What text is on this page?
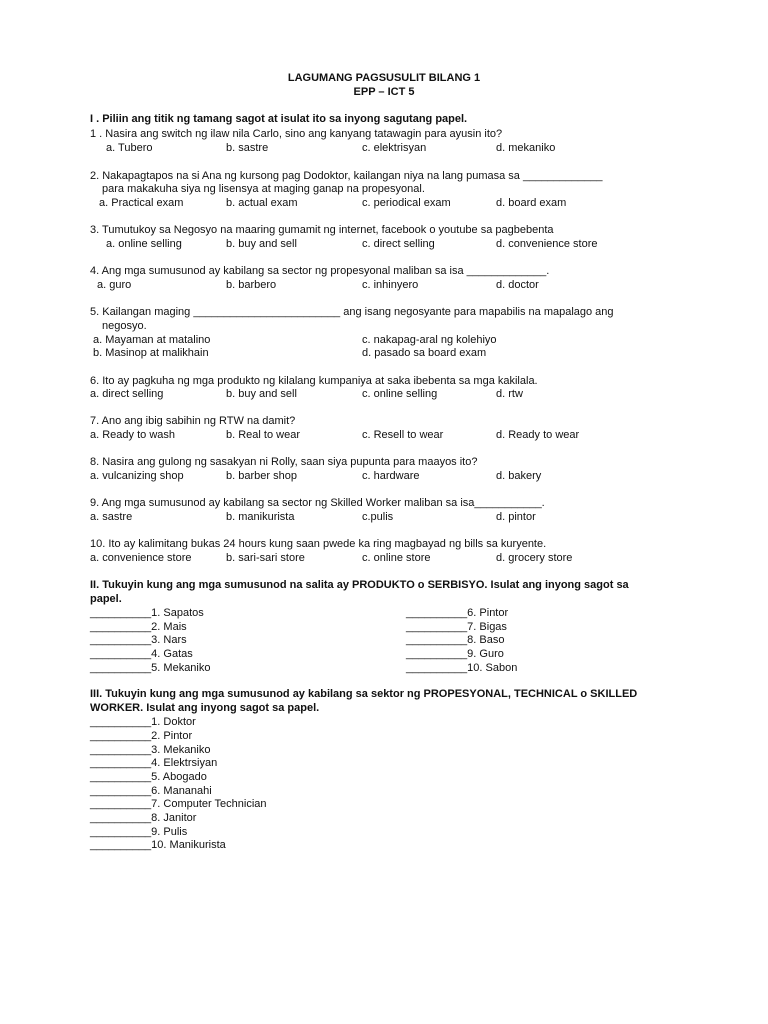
LAGUMANG PAGSUSULIT BILANG 1
EPP – ICT 5
I . Piliin ang titik ng tamang sagot at isulat ito sa inyong sagutang papel.
1 . Nasira ang switch ng ilaw nila Carlo, sino ang kanyang tatawagin para ayusin ito?
a. Tubero	b. sastre	c. elektrisyan	d. mekaniko
2. Nakapagtapos na si Ana ng kursong pag Dodoktor, kailangan niya na lang pumasa sa _____________
para makakuha siya ng lisensya at maging ganap na propesyonal.
a. Practical exam	b. actual exam	c. periodical exam	d. board exam
3. Tumutukoy sa Negosyo na maaring gumamit ng internet, facebook o youtube sa pagbebenta
a. online selling	b. buy and sell	c. direct selling	d. convenience store
4. Ang mga sumusunod ay kabilang sa sector ng propesyonal maliban sa isa _____________.
a. guro	b. barbero	c. inhinyero	d. doctor
5. Kailangan maging ________________________ ang isang negosyante para mapabilis na mapalago ang
negosyo.
a. Mayaman at matalino	c. nakapag-aral ng kolehiyo
b. Masinop at malikhain	d. pasado sa board exam
6. Ito ay pagkuha ng mga produkto ng kilalang kumpaniya at saka ibebenta sa mga kakilala.
a. direct selling	b. buy and sell	c. online selling	d. rtw
7. Ano ang ibig sabihin ng RTW na damit?
a. Ready to wash	b. Real to wear	c. Resell to wear	d. Ready to wear
8. Nasira ang gulong ng sasakyan ni Rolly, saan siya pupunta para maayos ito?
a. vulcanizing shop	b. barber shop	c. hardware	d. bakery
9. Ang mga sumusunod ay kabilang sa sector ng Skilled Worker maliban sa isa___________.
a. sastre	b. manikurista	c.pulis	d. pintor
10. Ito ay kalimitang bukas 24 hours kung saan pwede ka ring magbayad ng bills sa kuryente.
a. convenience store	b. sari-sari store	c. online store	d. grocery store
II. Tukuyin kung ang mga sumusunod na salita ay PRODUKTO o SERBISYO. Isulat ang inyong sagot sa
papel.
__________1. Sapatos	__________6. Pintor
__________2. Mais	__________7. Bigas
__________3. Nars	__________8. Baso
__________4. Gatas	__________9. Guro
__________5. Mekaniko	__________10. Sabon
III. Tukuyin kung ang mga sumusunod ay kabilang sa sektor ng PROPESYONAL, TECHNICAL o SKILLED
WORKER. Isulat ang inyong sagot sa papel.
__________1. Doktor
__________2. Pintor
__________3. Mekaniko
__________4. Elektrsiyan
__________5. Abogado
__________6. Mananahi
__________7. Computer Technician
__________8. Janitor
__________9. Pulis
__________10. Manikurista
